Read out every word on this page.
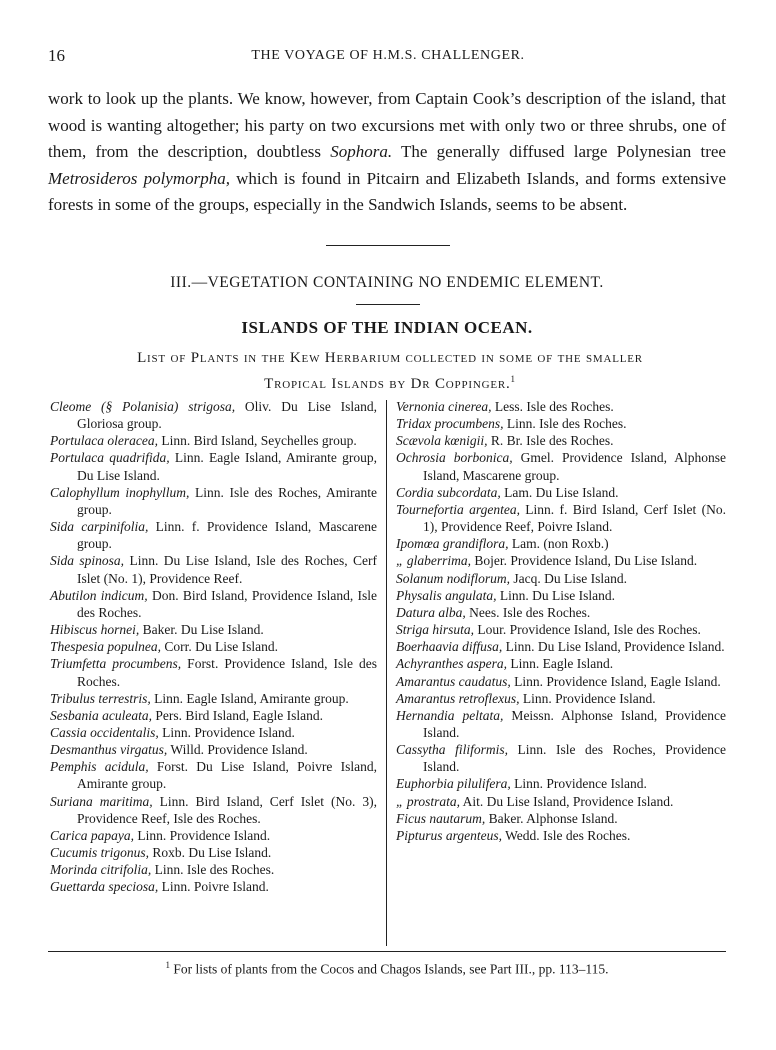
16	THE VOYAGE OF H.M.S. CHALLENGER.

work to look up the plants. We know, however, from Captain Cook’s description of the island, that wood is wanting altogether; his party on two excursions met with only two or three shrubs, one of them, from the description, doubtless Sophora. The generally diffused large Polynesian tree Metrosideros polymorpha, which is found in Pitcairn and Elizabeth Islands, and forms extensive forests in some of the groups, especially in the Sandwich Islands, seems to be absent.

III.—VEGETATION CONTAINING NO ENDEMIC ELEMENT.
ISLANDS OF THE INDIAN OCEAN.
List of Plants in the Kew Herbarium collected in some of the smaller
Tropical Islands by Dr Coppinger.$^1$
Cleome (§ Polanisia) strigosa, Oliv. Du Lise Island, Gloriosa group.
Portulaca oleracea, Linn. Bird Island, Seychelles group.
Portulaca quadrifida, Linn. Eagle Island, Amirante group, Du Lise Island.
Calophyllum inophyllum, Linn. Isle des Roches, Amirante group.
Sida carpinifolia, Linn. f. Providence Island, Mascarene group.
Sida spinosa, Linn. Du Lise Island, Isle des Roches, Cerf Islet (No. 1), Providence Reef.
Abutilon indicum, Don. Bird Island, Providence Island, Isle des Roches.
Hibiscus hornei, Baker. Du Lise Island.
Thespesia populnea, Corr. Du Lise Island.
Triumfetta procumbens, Forst. Providence Island, Isle des Roches.
Tribulus terrestris, Linn. Eagle Island, Amirante group.
Sesbania aculeata, Pers. Bird Island, Eagle Island.
Cassia occidentalis, Linn. Providence Island.
Desmanthus virgatus, Willd. Providence Island.
Pemphis acidula, Forst. Du Lise Island, Poivre Island, Amirante group.
Suriana maritima, Linn. Bird Island, Cerf Islet (No. 3), Providence Reef, Isle des Roches.
Carica papaya, Linn. Providence Island.
Cucumis trigonus, Roxb. Du Lise Island.
Morinda citrifolia, Linn. Isle des Roches.
Guettarda speciosa, Linn. Poivre Island.
Vernonia cinerea, Less. Isle des Roches.
Tridax procumbens, Linn. Isle des Roches.
Scævola kœnigii, R. Br. Isle des Roches.
Ochrosia borbonica, Gmel. Providence Island, Alphonse Island, Mascarene group.
Cordia subcordata, Lam. Du Lise Island.
Tournefortia argentea, Linn. f. Bird Island, Cerf Islet (No. 1), Providence Reef, Poivre Island.
Ipomœa grandiflora, Lam. (non Roxb.)
„ glaberrima, Bojer. Providence Island, Du Lise Island.
Solanum nodiflorum, Jacq. Du Lise Island.
Physalis angulata, Linn. Du Lise Island.
Datura alba, Nees. Isle des Roches.
Striga hirsuta, Lour. Providence Island, Isle des Roches.
Boerhaavia diffusa, Linn. Du Lise Island, Providence Island.
Achyranthes aspera, Linn. Eagle Island.
Amarantus caudatus, Linn. Providence Island, Eagle Island.
Amarantus retroflexus, Linn. Providence Island.
Hernandia peltata, Meissn. Alphonse Island, Providence Island.
Cassytha filiformis, Linn. Isle des Roches, Providence Island.
Euphorbia pilulifera, Linn. Providence Island.
„ prostrata, Ait. Du Lise Island, Providence Island.
Ficus nautarum, Baker. Alphonse Island.
Pipturus argenteus, Wedd. Isle des Roches.
$^1$ For lists of plants from the Cocos and Chagos Islands, see Part III., pp. 113–115.
